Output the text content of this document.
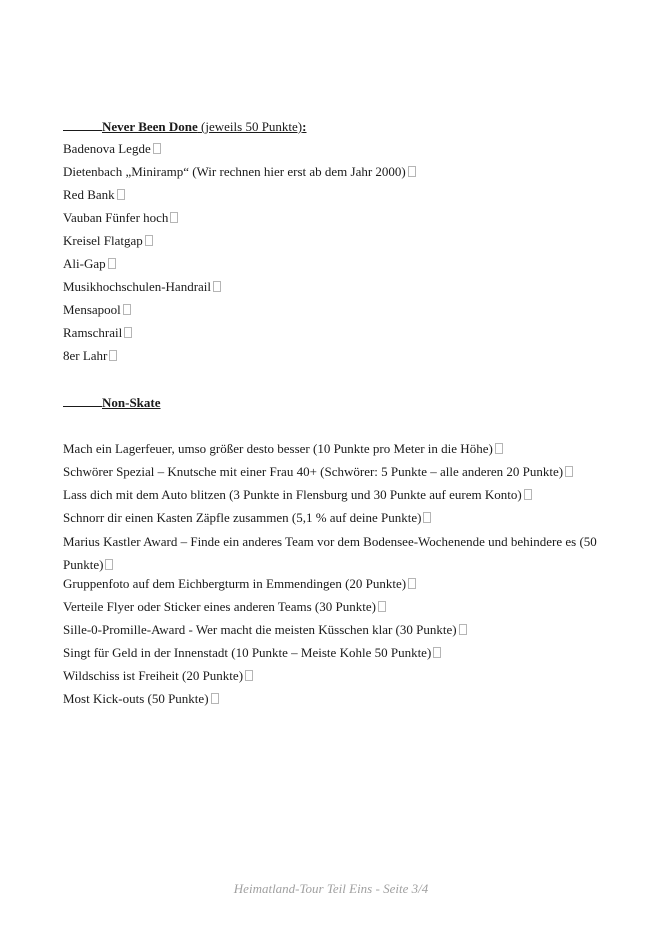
Never Been Done (jeweils 50 Punkte):
Badenova Legde
Dietenbach „Miniramp“ (Wir rechnen hier erst ab dem Jahr 2000)
Red Bank
Vauban Fünfer hoch
Kreisel Flatgap
Ali-Gap
Musikhochschulen-Handrail
Mensapool
Ramschrail
8er Lahr
Non-Skate
Mach ein Lagerfeuer, umso größer desto besser (10 Punkte pro Meter in die Höhe)
Schwörer Spezial – Knutsche mit einer Frau 40+ (Schwörer: 5 Punkte – alle anderen 20 Punkte)
Lass dich mit dem Auto blitzen (3 Punkte in Flensburg und 30 Punkte auf eurem Konto)
Schnorr dir einen Kasten Zäpfle zusammen (5,1 % auf deine Punkte)
Marius Kastler Award – Finde ein anderes Team vor dem Bodensee-Wochenende und behindere es (50 Punkte)
Gruppenfoto auf dem Eichbergturm in Emmendingen (20 Punkte)
Verteile Flyer oder Sticker eines anderen Teams (30 Punkte)
Sille-0-Promille-Award - Wer macht die meisten Küsschen klar (30 Punkte)
Singt für Geld in der Innenstadt (10 Punkte – Meiste Kohle 50 Punkte)
Wildschiss ist Freiheit (20 Punkte)
Most Kick-outs (50 Punkte)
Heimatland-Tour Teil Eins - Seite 3/4
